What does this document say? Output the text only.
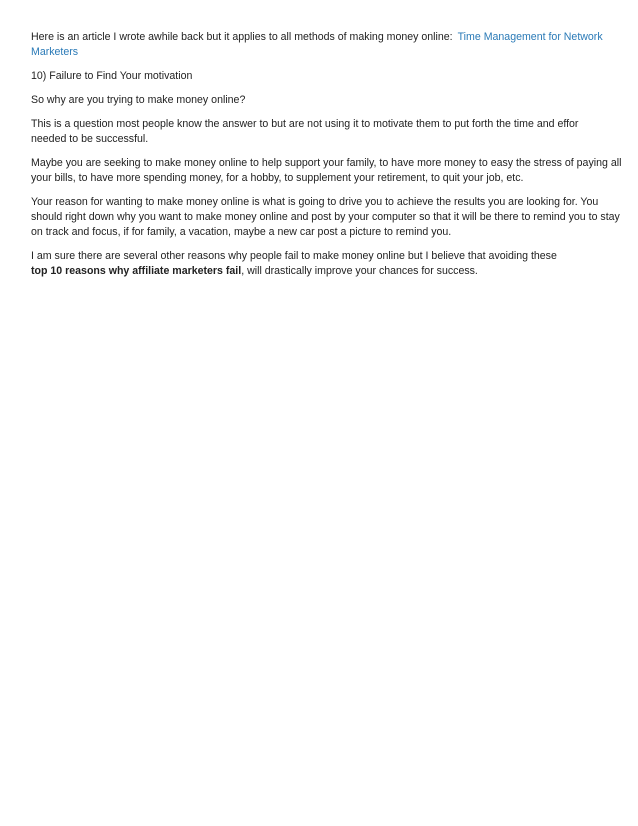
Here is an article I wrote awhile back but it applies to all methods of making money online: Time Management for Network Marketers

10) Failure to Find Your motivation

So why are you trying to make money online?

This is a question most people know the answer to but are not using it to motivate them to put forth the time and effor
needed to be successful.

Maybe you are seeking to make money online to help support your family, to have more money to easy the stress of paying all your bills, to have more spending money, for a hobby, to supplement your retirement, to quit your job, etc.

Your reason for wanting to make money online is what is going to drive you to achieve the results you are looking for. You should right down why you want to make money online and post by your computer so that it will be there to remind you to stay on track and focus, if for family, a vacation, maybe a new car post a picture to remind you.

I am sure there are several other reasons why people fail to make money online but I believe that avoiding these
top 10 reasons why affiliate marketers fail, will drastically improve your chances for success.
